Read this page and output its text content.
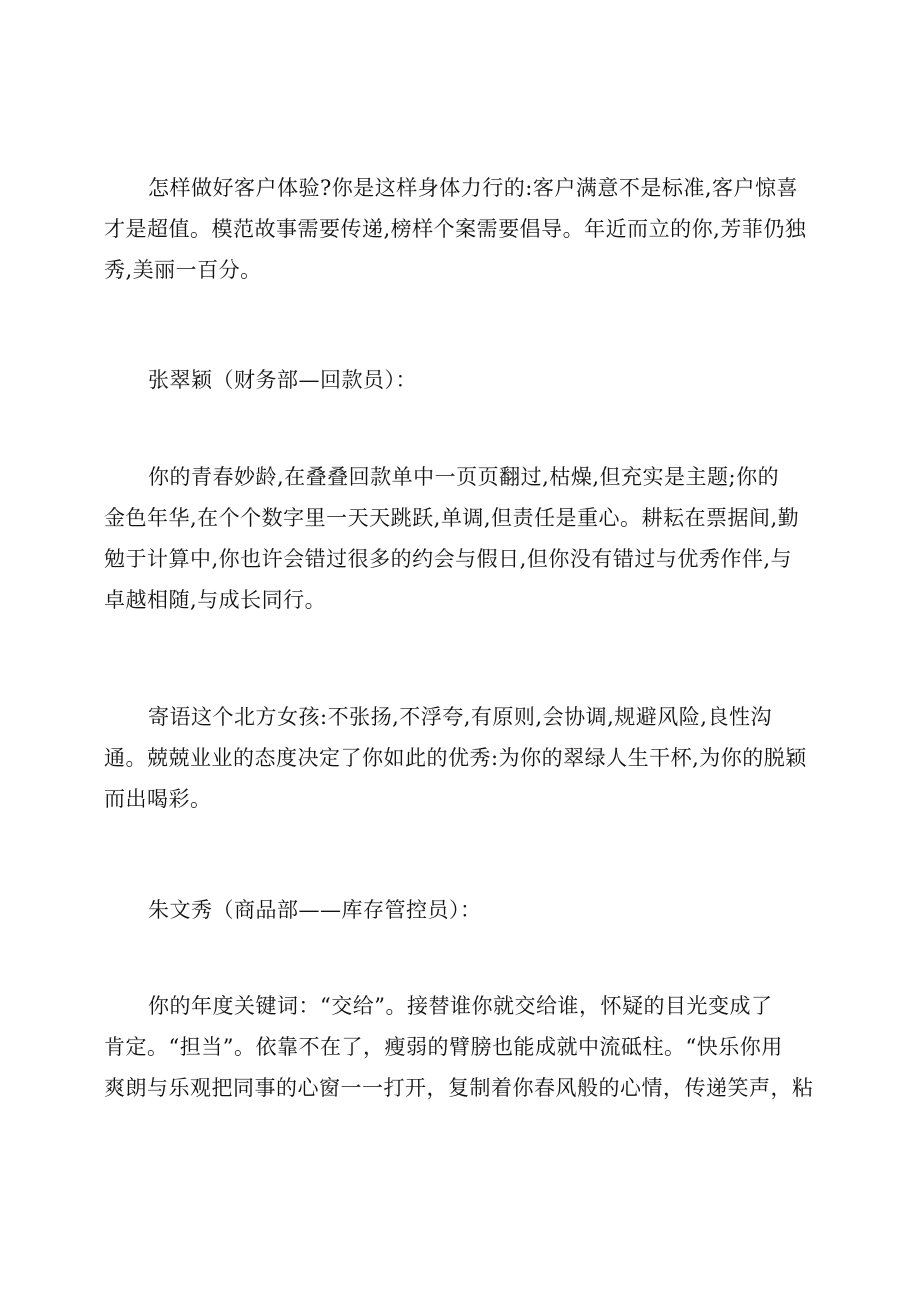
怎样做好客户体验?你是这样身体力行的:客户满意不是标准,客户惊喜
才是超值。模范故事需要传递,榜样个案需要倡导。年近而立的你,芳菲仍独
秀,美丽一百分。

张翠颖（财务部—回款员）：

你的青春妙龄,在叠叠回款单中一页页翻过,枯燥,但充实是主题;你的
金色年华,在个个数字里一天天跳跃,单调,但责任是重心。耕耘在票据间,勤
勉于计算中,你也许会错过很多的约会与假日,但你没有错过与优秀作伴,与
卓越相随,与成长同行。

寄语这个北方女孩:不张扬,不浮夸,有原则,会协调,规避风险,良性沟
通。兢兢业业的态度决定了你如此的优秀:为你的翠绿人生干杯,为你的脱颖
而出喝彩。

朱文秀（商品部——库存管控员）：

你的年度关键词：“交给”。接替谁你就交给谁，怀疑的目光变成了
肯定。“担当”。依靠不在了，瘦弱的臂膀也能成就中流砥柱。“快乐你用
爽朗与乐观把同事的心窗一一打开，复制着你春风般的心情，传递笑声，粘
